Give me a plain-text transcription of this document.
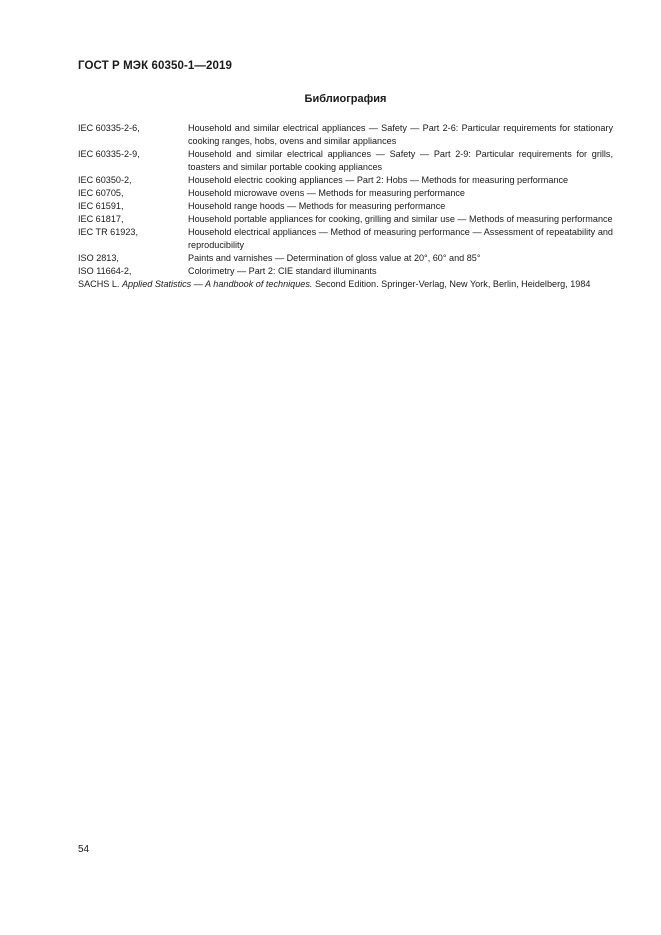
ГОСТ Р МЭК 60350-1—2019
Библиография
IEC 60335-2-6,	Household and similar electrical appliances — Safety — Part 2-6: Particular requirements for stationary cooking ranges, hobs, ovens and similar appliances
IEC 60335-2-9,	Household and similar electrical appliances — Safety — Part 2-9: Particular requirements for grills, toasters and similar portable cooking appliances
IEC 60350-2,	Household electric cooking appliances — Part 2: Hobs — Methods for measuring performance
IEC 60705,	Household microwave ovens — Methods for measuring performance
IEC 61591,	Household range hoods — Methods for measuring performance
IEC 61817,	Household portable appliances for cooking, grilling and similar use — Methods of measuring performance
IEC TR 61923,	Household electrical appliances — Method of measuring performance — Assessment of repeatability and reproducibility
ISO 2813,	Paints and varnishes — Determination of gloss value at 20°, 60° and 85°
ISO 11664-2,	Colorimetry — Part 2: CIE standard illuminants
SACHS L. Applied Statistics — A handbook of techniques. Second Edition. Springer-Verlag, New York, Berlin, Heidelberg, 1984
54
